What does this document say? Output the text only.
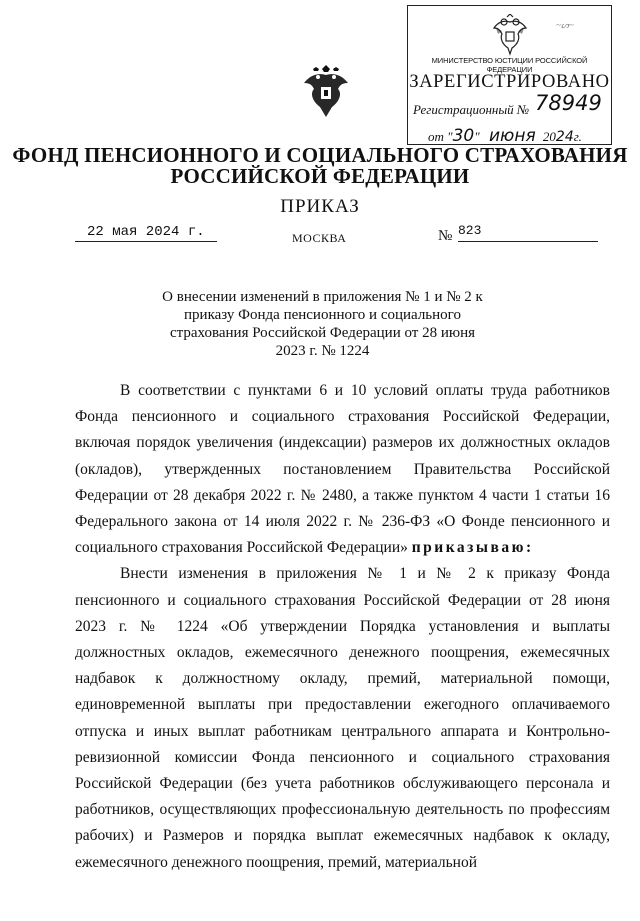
~ᔕ~
МИНИСТЕРСТВО ЮСТИЦИИ РОССИЙСКОЙ ФЕДЕРАЦИИ
ЗАРЕГИСТРИРОВАНО
Регистрационный № 78949
от "30" июня 2024г.
ФОНД ПЕНСИОННОГО И СОЦИАЛЬНОГО СТРАХОВАНИЯ
РОССИЙСКОЙ ФЕДЕРАЦИИ
ПРИКАЗ
22 мая 2024 г.	МОСКВА	№ 823
О внесении изменений в приложения № 1 и № 2 к
приказу Фонда пенсионного и социального
страхования Российской Федерации от 28 июня
2023 г. № 1224

В соответствии с пунктами 6 и 10 условий оплаты труда работников Фонда пенсионного и социального страхования Российской Федерации, включая порядок увеличения (индексации) размеров их должностных окладов (окладов), утвержденных постановлением Правительства Российской Федерации от 28 декабря 2022 г. № 2480, а также пунктом 4 части 1 статьи 16 Федерального закона от 14 июля 2022 г. № 236-ФЗ «О Фонде пенсионного и социального страхования Российской Федерации» приказываю:

Внести изменения в приложения № 1 и № 2 к приказу Фонда пенсионного и социального страхования Российской Федерации от 28 июня 2023 г. № 1224 «Об утверждении Порядка установления и выплаты должностных окладов, ежемесячного денежного поощрения, ежемесячных надбавок к должностному окладу, премий, материальной помощи, единовременной выплаты при предоставлении ежегодного оплачиваемого отпуска и иных выплат работникам центрального аппарата и Контрольно-ревизионной комиссии Фонда пенсионного и социального страхования Российской Федерации (без учета работников обслуживающего персонала и работников, осуществляющих профессиональную деятельность по профессиям рабочих) и Размеров и порядка выплат ежемесячных надбавок к окладу, ежемесячного денежного поощрения, премий, материальной
